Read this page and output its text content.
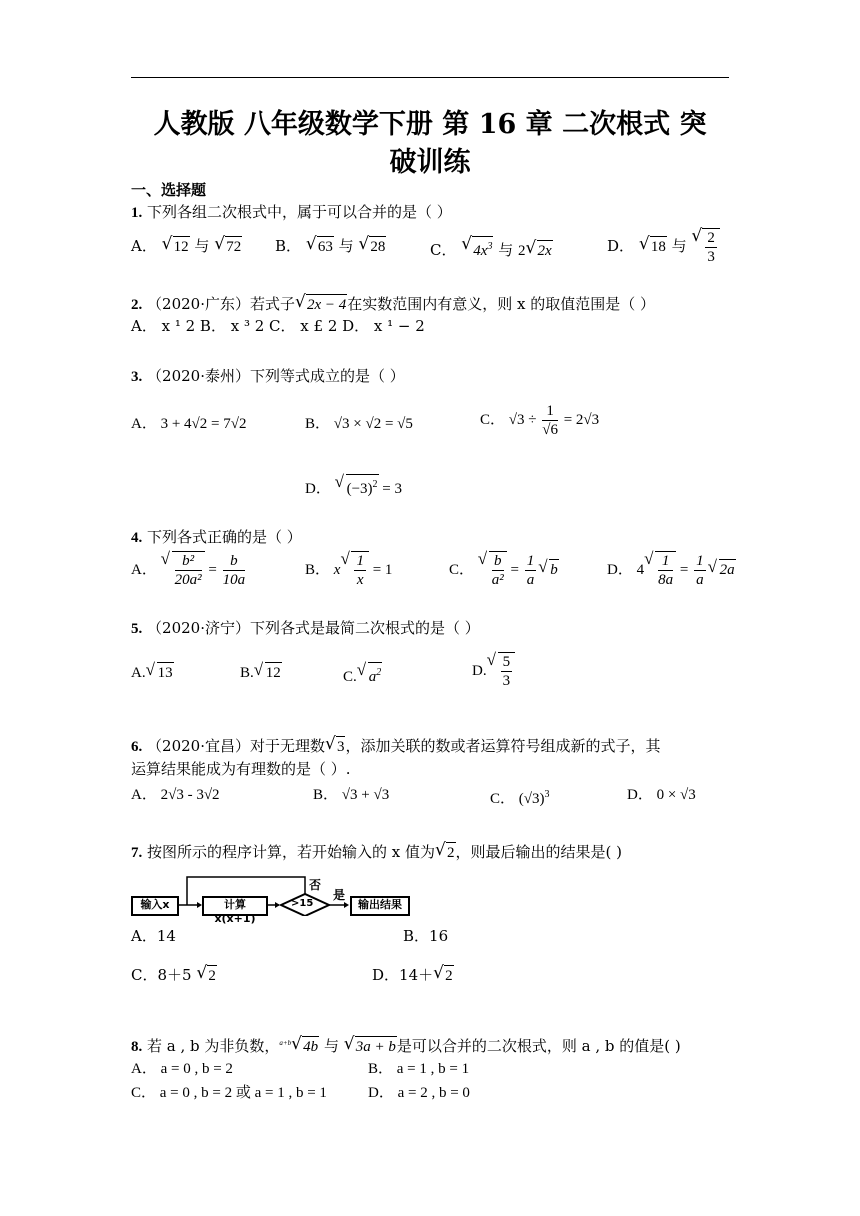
人教版 八年级数学下册 第 16 章 二次根式 突
破训练
一、选择题
1. 下列各组二次根式中，属于可以合并的是（ ）
A． √ 12 与 √ 72 B． √ 63 与 √ 28	C． √ $4x^3$ 与 2 √ 2x	D． √ 18 与 √ $\frac{2}{3}$
2. （2020·广东）若式子 √ 2x − 4在实数范围内有意义，则 x 的取值范围是（ ）
A． x ¹ 2 B． x ³ 2 C． x £ 2 D． x ¹ − 2
3. （2020·泰州）下列等式成立的是（ ）
A． 3 + 4√2 = 7√2	B． √3 × √2 = √5	C． $√3 \div \frac{1}{√6} = 2√3$
D． √ $(-3)^2 = 3$
4. 下列各式正确的是（ ）
A． √ $\frac{\text{b²}}{\text{20a²}} = \frac{b}{10a}$	B． x √ $\frac{1}{x} = 1$	C． √ $\frac{b}{\text{a²}} = \frac{1}{a}$ √ b	D． 4 √ $\frac{1}{8a} = \frac{1}{a}$ √ 2a
5. （2020·济宁）下列各式是最简二次根式的是（ ）
A. √ 13	B. √ 12	C. √ $a^2$	D. √ $\frac{5}{3}$
6. （2020·宜昌）对于无理数 √ 3，添加关联的数或者运算符号组成新的式子，其
运算结果能成为有理数的是（ ）.
A． 2√3 - 3√2	B． √3 + √3	C． $(√3)^3$	D． 0 × √3
7. 按图所示的程序计算，若开始输入的 x 值为 √ 2，则最后输出的结果是( )
输入x	计算x(x+1)
>15
否
是
输出结果
A．14	B．16
C．8＋5 √ 2	D．14＋ √ 2
8. 若 a , b 为非负数，$^{a+b}$ √ 4b 与 √ 3a + b是可以合并的二次根式，则 a , b 的值是( )
A． a = 0 , b = 2	B． a = 1 , b = 1
C． a = 0 , b = 2 或 a = 1 , b = 1	D． a = 2 , b = 0
